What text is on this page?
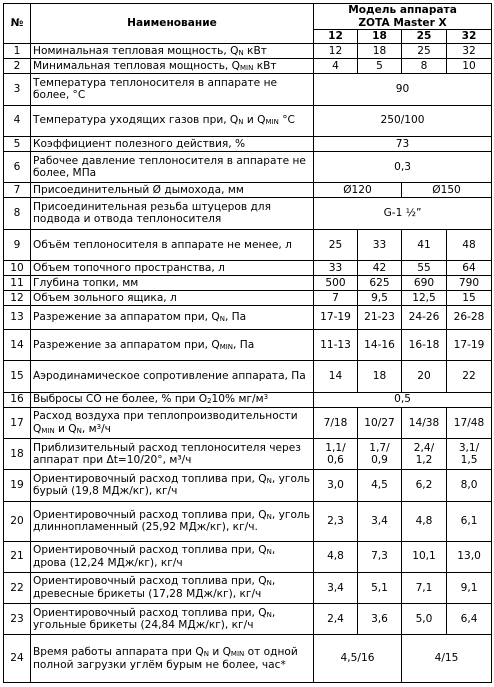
№	Наименование	Модель аппарата
ZOTA Master X			

		12	18	25	32
1	Номинальная тепловая мощность, $Q_N$ кВт	12	18	25	32
2	Минимальная тепловая мощность, $Q_{MIN}$ кВт	4	5	8	10
3	Температура теплоносителя в аппарате не более, °С	90			
4	Температура уходящих газов при, $Q_N$ и $Q_{MIN}$ °С	250/100			
5	Коэффициент полезного действия, %	73			
6	Рабочее давление теплоносителя в аппарате не более, МПа	0,3			
7	Присоединительный Ø дымохода, мм	Ø120		Ø150	
8	Присоединительная резьба штуцеров для подвода и отвода теплоносителя	G-1 ½”			
9	Объём теплоносителя в аппарате не менее, л	25	33	41	48
10	Объем топочного пространства, л	33	42	55	64
11	Глубина топки, мм	500	625	690	790
12	Объем зольного ящика, л	7	9,5	12,5	15
13	Разрежение за аппаратом при, $Q_N$, Па	17-19	21-23	24-26	26-28
14	Разрежение за аппаратом при, $Q_{MIN}$, Па	11-13	14-16	16-18	17-19
15	Аэродинамическое сопротивление аппарата, Па	14	18	20	22
16	Выбросы СО не более, % при $О_210\%$ $мг/м^3$	0,5			
17	Расход воздуха при теплопроизводительности $Q_{MIN}$ и $Q_N$, $м^3/ч$	7/18	10/27	14/38	17/48
18	Приблизительный расход теплоносителя через аппарат при Δt=10/20°, м³/ч	1,1/ 0,6	1,7/ 0,9	2,4/ 1,2	3,1/ 1,5
19	Ориентировочный расход топлива при, $Q_N$, уголь бурый (19,8 МДж/кг), кг/ч	3,0	4,5	6,2	8,0
20	Ориентировочный расход топлива при, $Q_N$, уголь длиннопламенный (25,92 МДж/кг), кг/ч.	2,3	3,4	4,8	6,1
21	Ориентировочный расход топлива при, $Q_N$, дрова (12,24 МДж/кг), кг/ч	4,8	7,3	10,1	13,0
22	Ориентировочный расход топлива при, $Q_N$, древесные брикеты (17,28 МДж/кг), кг/ч	3,4	5,1	7,1	9,1
23	Ориентировочный расход топлива при, $Q_N$, угольные брикеты (24,84 МДж/кг), кг/ч	2,4	3,6	5,0	6,4
24	Время работы аппарата при $Q_N$ и $Q_{MIN}$ от одной полной загрузки углём бурым не более, час*	4,5/16		4/15	
